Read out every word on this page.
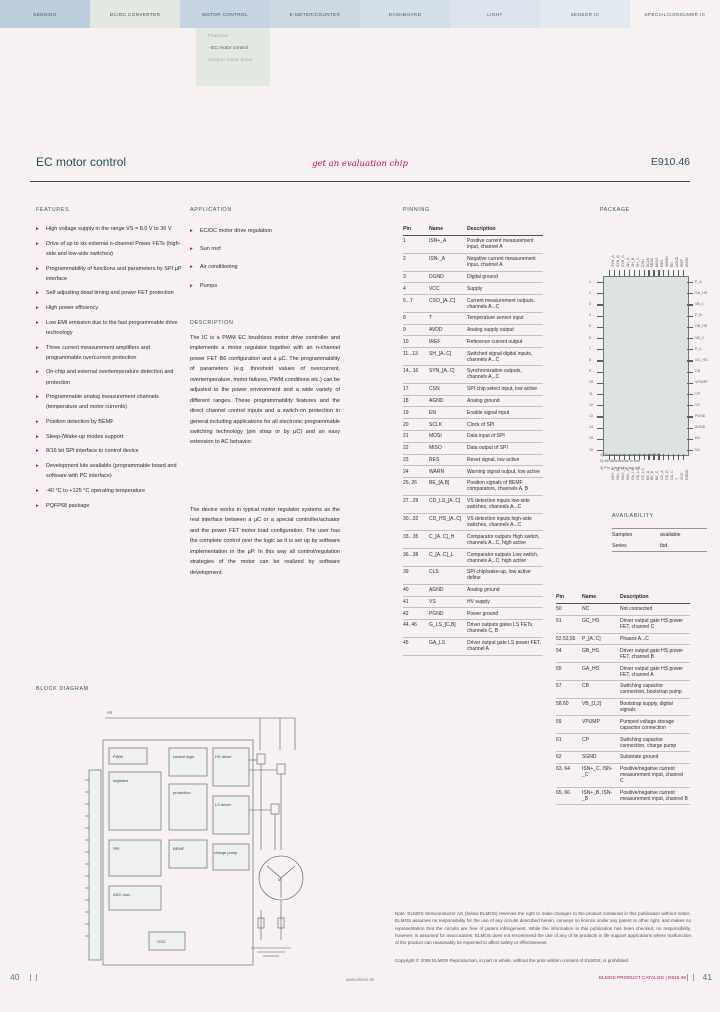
SENSING	DC/DC CONVERTER	MOTOR CONTROL	E-METER/COUNTER	DASHBOARD	LIGHT	SENSOR IC	SPECIAL/CONSUMER IC
Featured
· EC motor control
Stepper motor driver
EC motor control	get an evaluation chip	E910.46
FEATURES
▸ High voltage supply in the range VS = 8.0 V to 36 V
▸ Drive of up to six external n-channel Power FETs (high-side and low-side switches)
▸ Programmability of functions and parameters by SPI µP interface
▸ Self adjusting dead timing and power FET protection
▸ High power efficiency
▸ Low EMI emission due to the fast programmable drive technology
▸ Three current measurement amplifiers and programmable overcurrent protection
▸ On-chip and external overtemperature detection and protection
▸ Programmable analog measurement channels (temperature and motor currents)
▸ Position detection by BEMF
▸ Sleep-/Wake-up modes support
▸ 8/16 bit SPI interface to control device
▸ Development kits available (programmable board and software with PC interface)
▸ -40 °C to +125 °C operating temperature
▸ PQFP68 package
APPLICATION
▸ EC/DC motor drive regulation
▸ Sun roof
▸ Air conditioning
▸ Pumps
DESCRIPTION

The IC is a PWM EC brushless motor drive controller and implements a motor regulator together with an n-channel power FET B6 configuration and a µC. The programmability of parameters (e.g. threshold values of overcurrent, overtemperature, motor failures, PWM conditions etc.) can be adjusted to the power environment and a wide variety of different ranges. These programmability features and the direct channel control inputs and a switch-on protection in general including applications for all electronic programmable switching technology (pin strap or by µC) and an easy extension to AC behavior.

The device works in typical motor regulator systems as the real interface between a µC or a special controller/actuator and the power FET motor load configuration. The user has the complete control over the logic as it is set up by software implementation in the µP. In this way all control/regulation strategies of the motor can be realized by software development.

PINNING
Pin	Name	Description
1	ISN+_A	Positive current measurement input, channel A
2	ISN-_A	Negative current measurement input, channel A
3	DGND	Digital ground
4	VCC	Supply
5...7	CSO_[A..C]	Current measurement outputs, channels A...C
8	T	Temperature sensor input
9	AVDD	Analog supply output
10	IREF	Reference current output
11...13	SH_[A..C]	Switched signal digital inputs, channels A...C
14...16	SYN_[A..C]	Synchronization outputs, channels A...C
17	CSN	SPI chip select input, low active
18	AGND	Analog ground
19	EN	Enable signal input
20	SCLK	Clock of SPI
21	MOSI	Data input of SPI
22	MISO	Data output of SPI
23	RES	Reset signal, low active
24	WARN	Warning signal output, low active
25, 26	BE_[A,B]	Position signals of BEMF comparators, channels A, B
27...29	CD_LS_[A..C]	VS detection inputs low-side switches, channels A...C
30...32	CD_HS_[A..C]	VS detection inputs high-side switches, channels A...C
33...35	C_[A..C]_H	Comparator outputs High switch, channels A...C, high active
36...38	C_[A..C]_L	Comparator outputs Low switch, channels A...C, high active
39	CLS	SPI chip/wake-up, low active define
40	AGND	Analog ground
41	VS	HV supply
42	PGND	Power ground
44, 46	G_LS_[C,B]	Driver outputs gates LS FETs, channels C, B
45	GA_LS	Driver output gate LS power FET, channel A
PACKAGE
SYN_A
ISN+_B
1	P_A
SYN_B
ISN-_B
2	GA_HS
SYN_C
ISN+_C
3	VB_1
SH_A
ISN-_C
4	P_B
SH_B
GA_LS
5	GB_HS
SH_C
GB_LS
6	VB_2
CSN
GC_LS
7	P_C
SCLK
BE_A
8	GC_HS
MOSI
BE_B
9	CB
MISO
BE_C
10	VPUMP
RES
CD_A
11	CP
WARN
CD_B
12	VS
EN
CD_C
13	PGND
AGND
T
14	SGND
IREF
VCC
15	NC
AVDD
DGND
16	NC
1) Thermal pad connected to SGND
2) All dimensions in mm
3) Pin 1 marking top left
AVAILABILITY
Samples	available
Series	tbd.
Pin	Name	Description
50	NC	Not connected
51	GC_HS	Driver output gate HS power FET, channel C
52,53,56	P_[A..C]	Phases A...C
54	GB_HS	Driver output gate HS power FET, channel B
55	GA_HS	Driver output gate HS power FET, channel A
57	CB	Switching capacitor connection, bootstrap pump
58,60	VB_[1,2]	Bootstrap supply, digital signals
59	VPUMP	Pumped voltage storage capacitor connection
61	CP	Switching capacitor connection, charge pump
62	SGND	Substrate ground
63, 64	ISN+_C, ISN-_C	Positive/negative current measurement input, channel C
65, 66	ISN+_B, ISN-_B	Positive/negative current measurement input, channel B
Note: ELMOS Semiconductor AG (below ELMOS) reserves the right to make changes to the product contained in this publication without notice. ELMOS assumes no responsibility for the use of any circuits described herein, conveys no licence under any patent or other right, and makes no representation that the circuits are free of patent infringement. While the information in this publication has been checked, no responsibility, however, is assumed for inaccuracies. ELMOS does not recommend the use of any of its products in life support applications where malfunction of the product can reasonably be expected to affect safety or effectiveness.
Copyright © 2008 ELMOS Reproduction, in part or whole, without the prior written consent of ELMOS, is prohibited.
BLOCK DIAGRAM
VS
PWM
registers
SPI
ADC mux
control logic
protection
BEMF
HS driver
LS driver
charge pump
OSC
M
40	www.elmos.de	ELMOS PRODUCT CATALOG | E910.46 41
